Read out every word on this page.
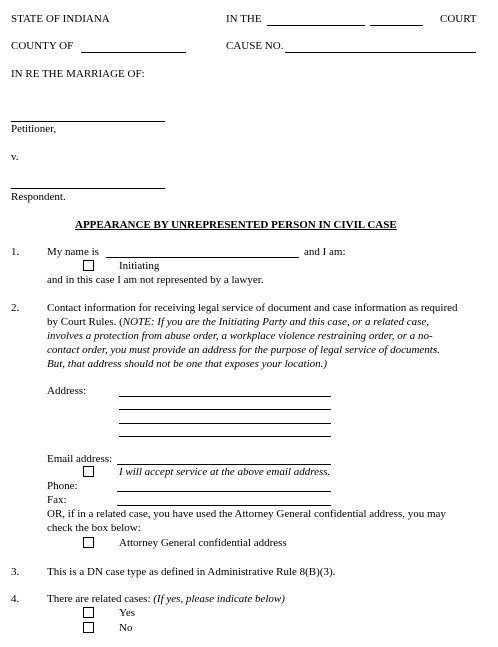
STATE OF INDIANA	IN THE	COURT
COUNTY OF	CAUSE NO.
IN RE THE MARRIAGE OF:
Petitioner,
v.
Respondent.
APPEARANCE BY UNREPRESENTED PERSON IN CIVIL CASE
1.	My name is	and I am:
Initiating
and in this case I am not represented by a lawyer.
2.	Contact information for receiving legal service of document and case information as required
by Court Rules. (NOTE: If you are the Initiating Party and this case, or a related case,
involves a protection from abuse order, a workplace violence restraining order, or a no-
contact order, you must provide an address for the purpose of legal service of documents.
But, that address should not be one that exposes your location.)
Address:
Email address:
I will accept service at the above email address.
Phone:
Fax:
OR, if in a related case, you have used the Attorney General confidential address, you may
check the box below:
Attorney General confidential address
3.	This is a DN case type as defined in Administrative Rule 8(B)(3).
4.	There are related cases: (If yes, please indicate below)
Yes
No
